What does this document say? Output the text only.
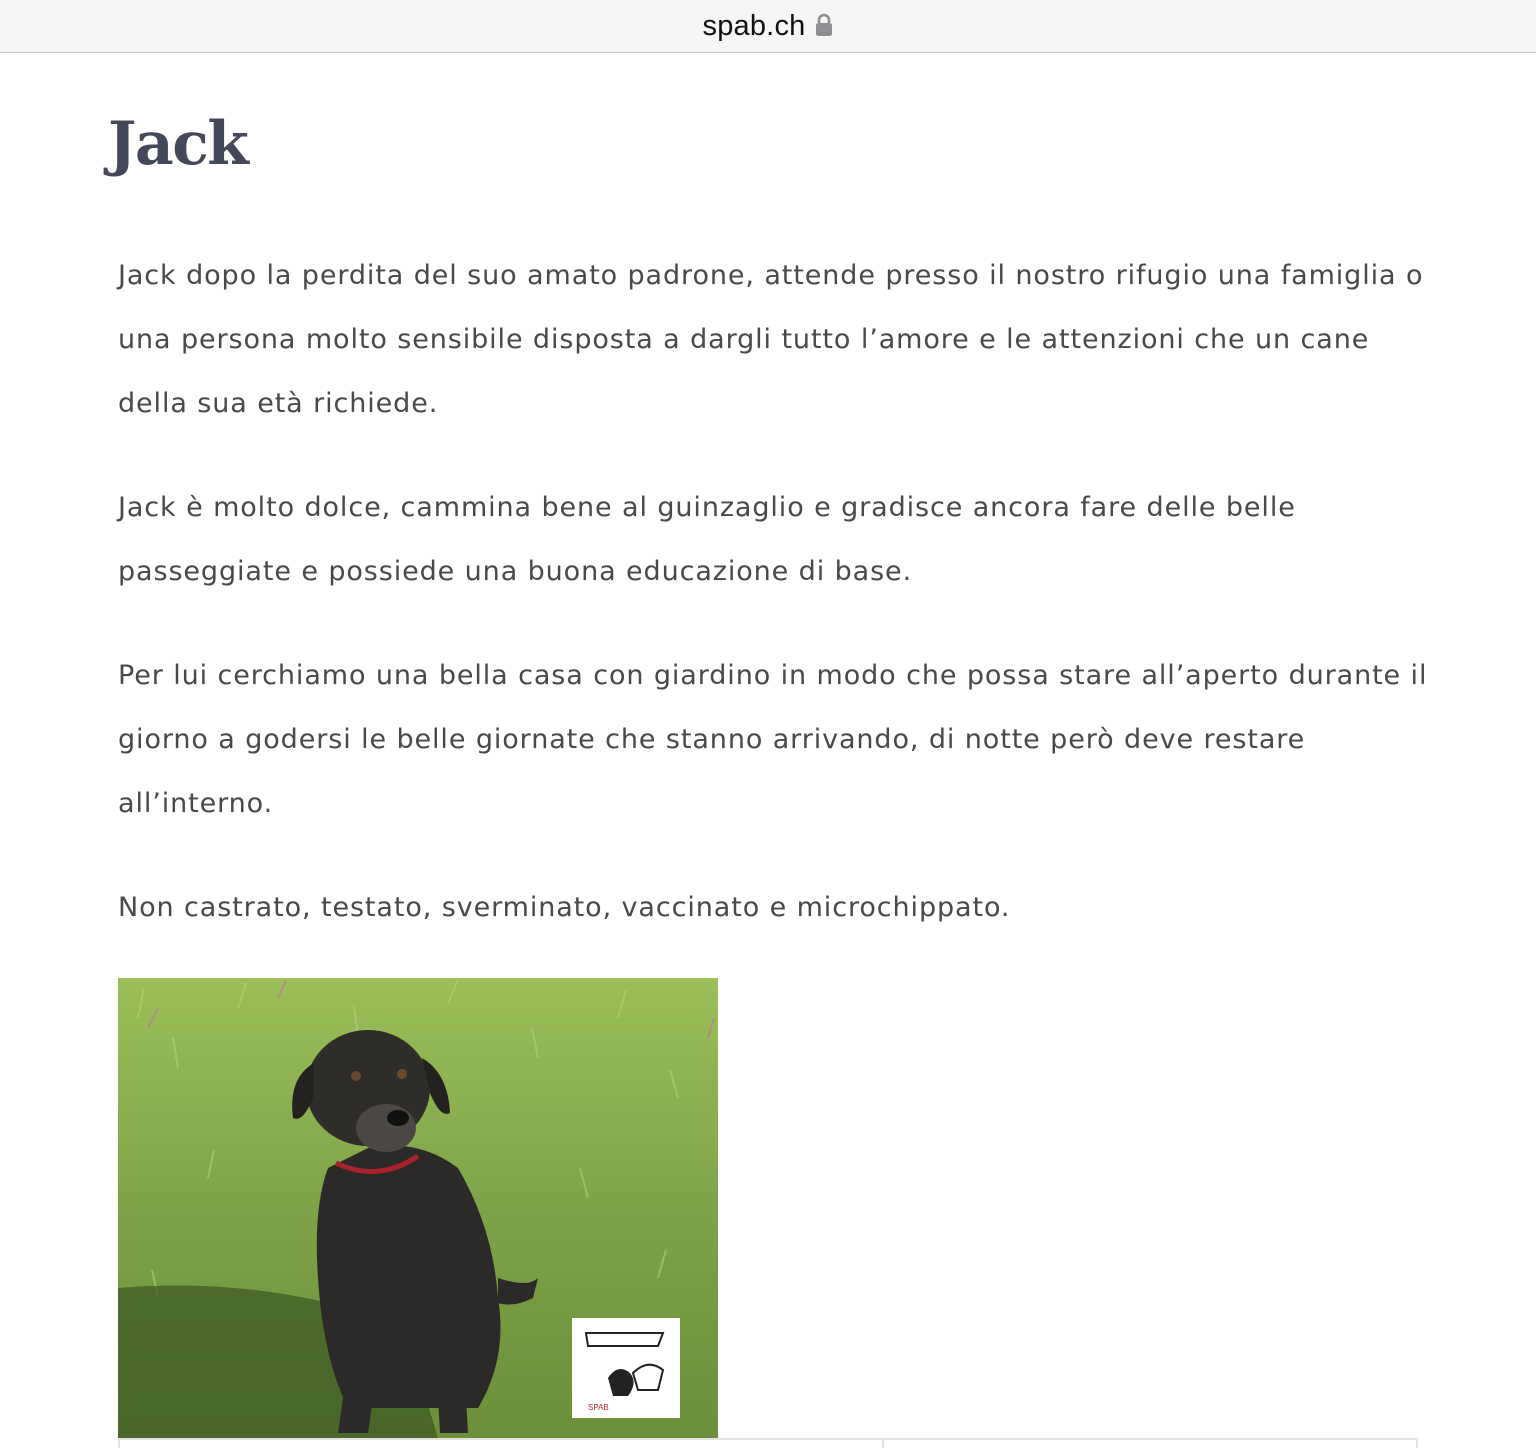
spab.ch
Jack

Jack dopo la perdita del suo amato padrone, attende presso il nostro rifugio una famiglia o una persona molto sensibile disposta a dargli tutto l’amore e le attenzioni che un cane della sua età richiede.

Jack è molto dolce, cammina bene al guinzaglio e gradisce ancora fare delle belle passeggiate e possiede una buona educazione di base.

Per lui cerchiamo una bella casa con giardino in modo che possa stare all’aperto durante il giorno a godersi le belle giornate che stanno arrivando, di notte però deve restare all’interno.

Non castrato, testato, sverminato, vaccinato e microchippato.

SPAB
